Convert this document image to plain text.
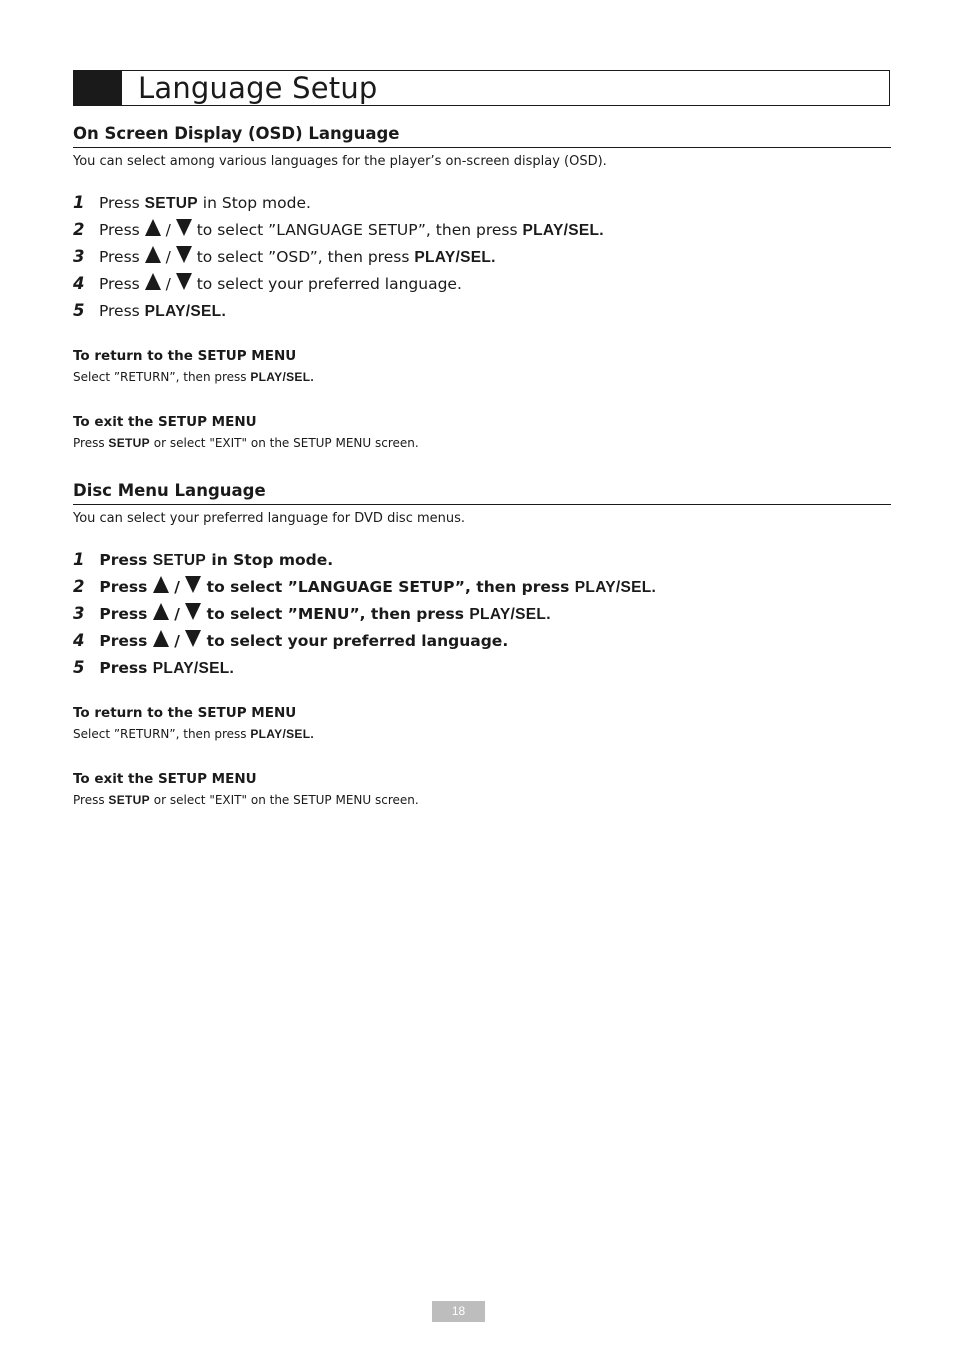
Language Setup
On Screen Display (OSD) Language
You can select among various languages for the player’s on-screen display (OSD).
1 Press SETUP in Stop mode.
2 Press / to select ”LANGUAGE SETUP”, then press PLAY/SEL.
3 Press / to select ”OSD”, then press PLAY/SEL.
4 Press / to select your preferred language.
5 Press PLAY/SEL.
To return to the SETUP MENU
Select ”RETURN”, then press PLAY/SEL.
To exit the SETUP MENU
Press SETUP or select "EXIT" on the SETUP MENU screen.
Disc Menu Language
You can select your preferred language for DVD disc menus.
1 Press SETUP in Stop mode.
2 Press / to select ”LANGUAGE SETUP”, then press PLAY/SEL.
3 Press / to select ”MENU”, then press PLAY/SEL.
4 Press / to select your preferred language.
5 Press PLAY/SEL.
To return to the SETUP MENU
Select ”RETURN”, then press PLAY/SEL.
To exit the SETUP MENU
Press SETUP or select "EXIT" on the SETUP MENU screen.
18
